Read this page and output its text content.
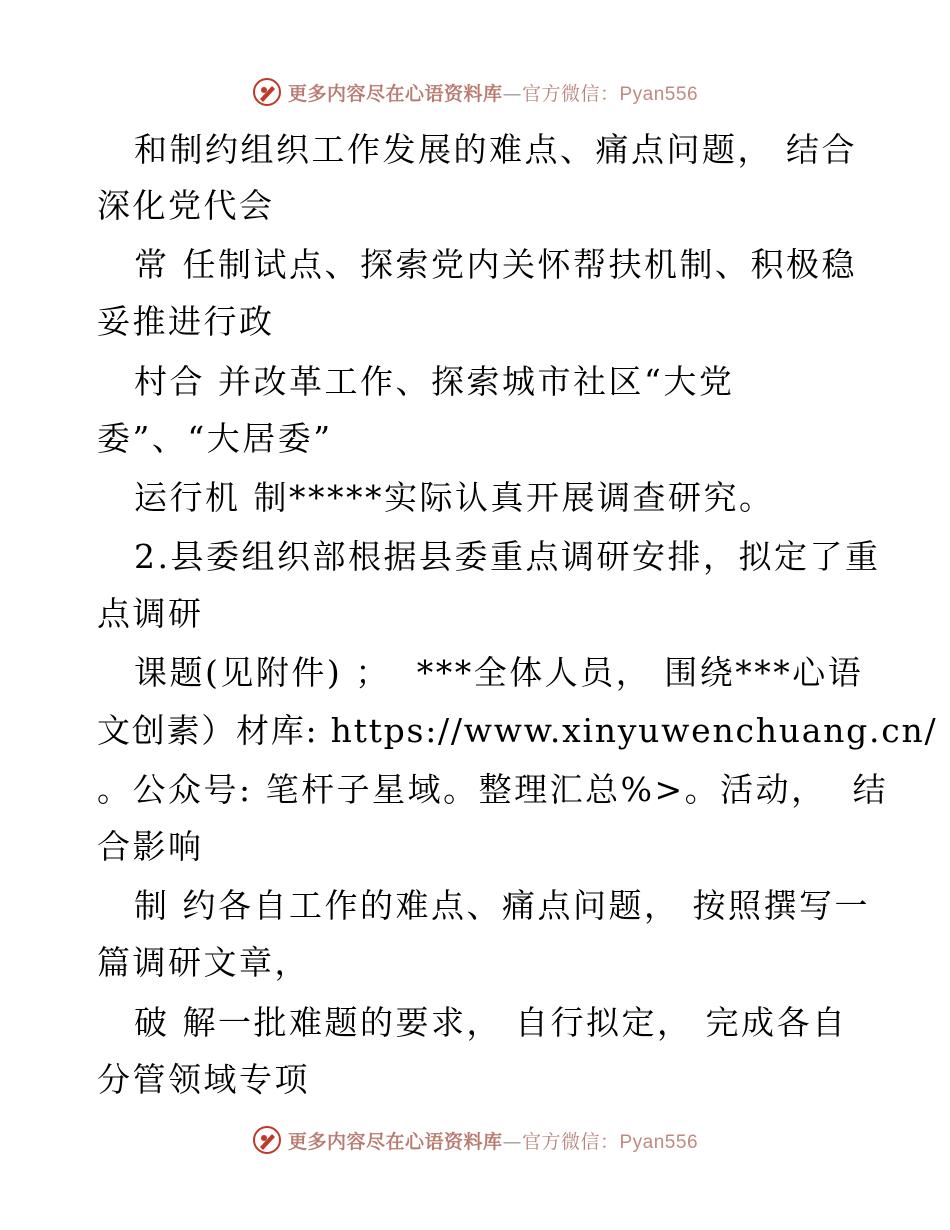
更多内容尽在心语资料库—官方微信：Pyan556
和制约组织工作发展的难点、痛点问题， 结合
深化党代会
常 任制试点、探索党内关怀帮扶机制、积极稳
妥推进行政
村合 并改革工作、探索城市社区“大党
委”、“大居委”
运行机 制*****实际认真开展调查研究。
2.县委组织部根据县委重点调研安排，拟定了重
点调研
课题(见附件) ；  ***全体人员， 围绕***心语
文创素）材库: https://www.xinyuwenchuang.cn/
。公众号: 笔杆子星域。整理汇总%>。活动，  结
合影响
制 约各自工作的难点、痛点问题， 按照撰写一
篇调研文章，
破 解一批难题的要求， 自行拟定， 完成各自
分管领域专项
更多内容尽在心语资料库—官方微信：Pyan556
